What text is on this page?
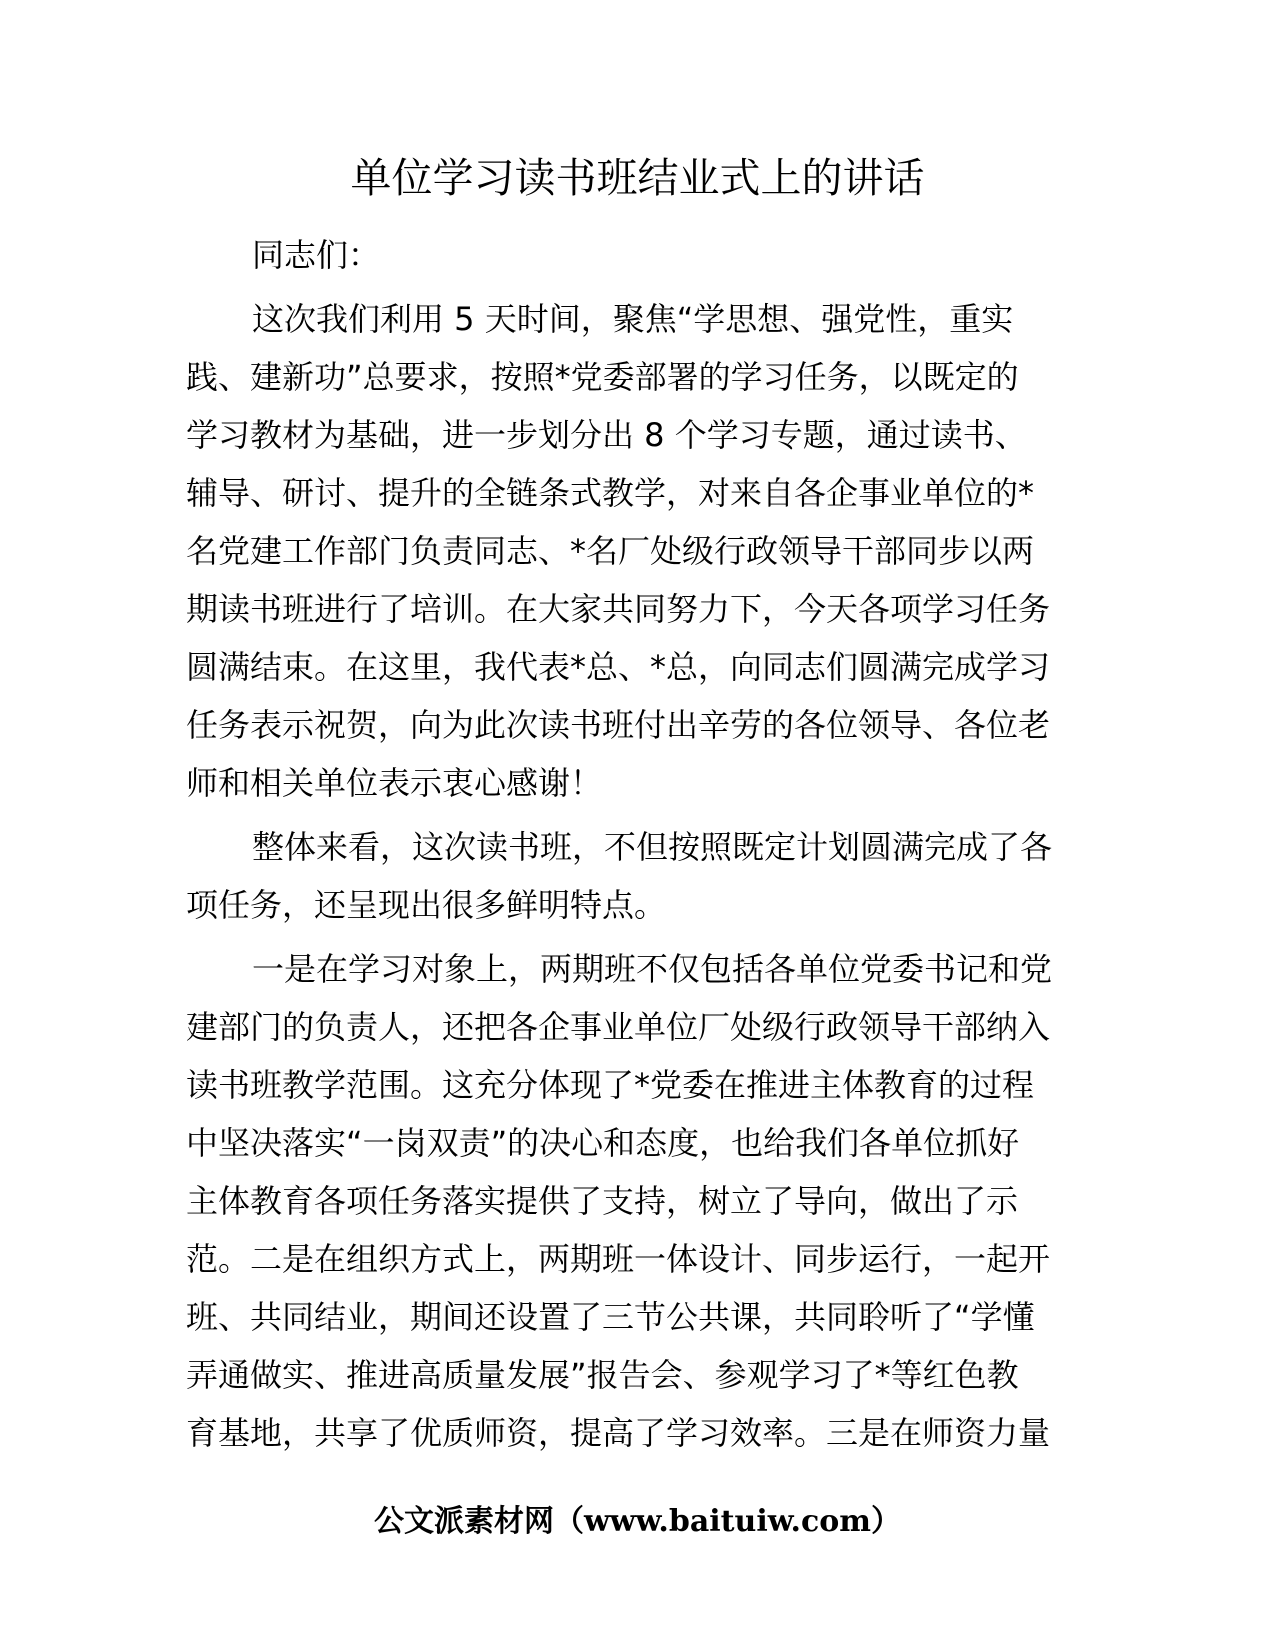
单位学习读书班结业式上的讲话
同志们：
这次我们利用 5 天时间，聚焦“学思想、强党性，重实
践、建新功”总要求，按照*党委部署的学习任务，以既定的
学习教材为基础，进一步划分出 8 个学习专题，通过读书、
辅导、研讨、提升的全链条式教学，对来自各企事业单位的*
名党建工作部门负责同志、*名厂处级行政领导干部同步以两
期读书班进行了培训。在大家共同努力下，今天各项学习任务
圆满结束。在这里，我代表*总、*总，向同志们圆满完成学习
任务表示祝贺，向为此次读书班付出辛劳的各位领导、各位老
师和相关单位表示衷心感谢！
整体来看，这次读书班，不但按照既定计划圆满完成了各
项任务，还呈现出很多鲜明特点。
一是在学习对象上，两期班不仅包括各单位党委书记和党
建部门的负责人，还把各企事业单位厂处级行政领导干部纳入
读书班教学范围。这充分体现了*党委在推进主体教育的过程
中坚决落实“一岗双责”的决心和态度，也给我们各单位抓好
主体教育各项任务落实提供了支持，树立了导向，做出了示
范。二是在组织方式上，两期班一体设计、同步运行，一起开
班、共同结业，期间还设置了三节公共课，共同聆听了“学懂
弄通做实、推进高质量发展”报告会、参观学习了*等红色教
育基地，共享了优质师资，提高了学习效率。三是在师资力量
公文派素材网（www.baituiw.com）
